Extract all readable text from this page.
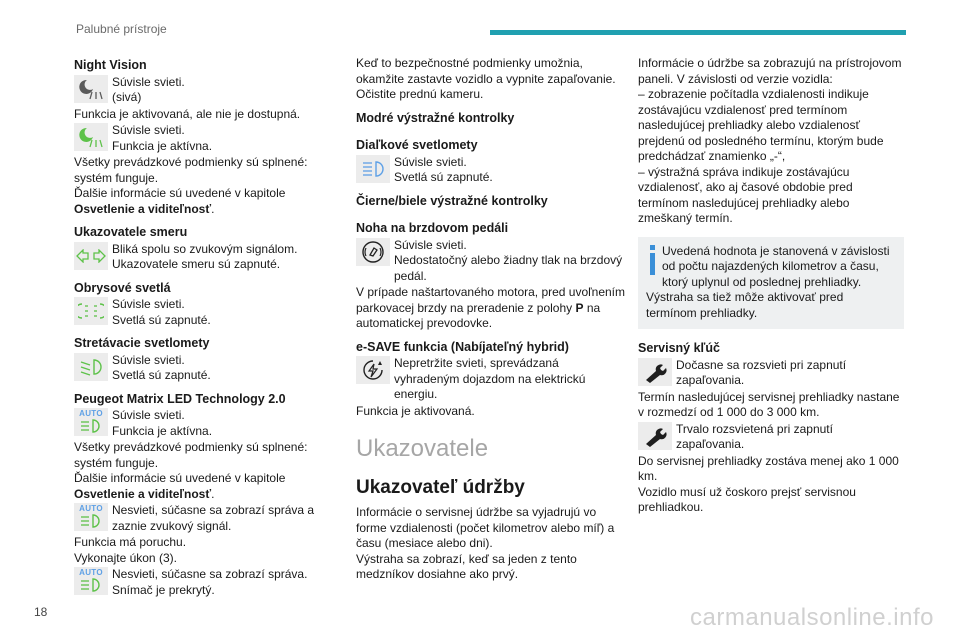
Palubné prístroje
Night Vision
Súvisle svieti.
(sivá)

Funkcia je aktivovaná, ale nie je dostupná.

Súvisle svieti.
Funkcia je aktívna.

Všetky prevádzkové podmienky sú splnené: systém funguje.

Ďalšie informácie sú uvedené v kapitole
Osvetlenie a viditeľnosť.

Ukazovatele smeru
Bliká spolu so zvukovým signálom.
Ukazovatele smeru sú zapnuté.
Obrysové svetlá
Súvisle svieti.
Svetlá sú zapnuté.
Stretávacie svetlomety
Súvisle svieti.
Svetlá sú zapnuté.
Peugeot Matrix LED Technology 2.0
AUTO Súvisle svieti.
Funkcia je aktívna.

Všetky prevádzkové podmienky sú splnené: systém funguje.

Ďalšie informácie sú uvedené v kapitole
Osvetlenie a viditeľnosť.

AUTO Nesvieti, súčasne sa zobrazí správa a zaznie zvukový signál.

Funkcia má poruchu.

Vykonajte úkon (3).

AUTO Nesvieti, súčasne sa zobrazí správa.
Snímač je prekrytý.

Keď to bezpečnostné podmienky umožnia, okamžite zastavte vozidlo a vypnite zapaľovanie. Očistite prednú kameru.

Modré výstražné kontrolky
Diaľkové svetlomety
Súvisle svieti.
Svetlá sú zapnuté.
Čierne/biele výstražné kontrolky
Noha na brzdovom pedáli
Súvisle svieti.
Nedostatočný alebo žiadny tlak na brzdový pedál.

V prípade naštartovaného motora, pred uvoľnením parkovacej brzdy na preradenie z polohy P na automatickej prevodovke.

e-SAVE funkcia (Nabíjateľný hybrid)
Nepretržite svieti, sprevádzaná vyhradeným dojazdom na elektrickú energiu.

Funkcia je aktivovaná.

Ukazovatele
Ukazovateľ údržby

Informácie o servisnej údržbe sa vyjadrujú vo forme vzdialenosti (počet kilometrov alebo míľ) a času (mesiace alebo dni).

Výstraha sa zobrazí, keď sa jeden z tento medzníkov dosiahne ako prvý.

Informácie o údržbe sa zobrazujú na prístrojovom paneli. V závislosti od verzie vozidla:

– zobrazenie počítadla vzdialenosti indikuje zostávajúcu vzdialenosť pred termínom nasledujúcej prehliadky alebo vzdialenosť prejdenú od posledného termínu, ktorým bude predchádzať znamienko „-“,

– výstražná správa indikuje zostávajúcu vzdialenosť, ako aj časové obdobie pred termínom nasledujúcej prehliadky alebo zmeškaný termín.

Uvedená hodnota je stanovená v závislosti od počtu najazdených kilometrov a času, ktorý uplynul od poslednej prehliadky.

Výstraha sa tiež môže aktivovať pred termínom prehliadky.

Servisný kľúč
Dočasne sa rozsvieti pri zapnutí zapaľovania.

Termín nasledujúcej servisnej prehliadky nastane v rozmedzí od 1 000 do 3 000 km.

Trvalo rozsvietená pri zapnutí zapaľovania.

Do servisnej prehliadky zostáva menej ako 1 000 km.

Vozidlo musí už čoskoro prejsť servisnou prehliadkou.

18	carmanualsonline.info
